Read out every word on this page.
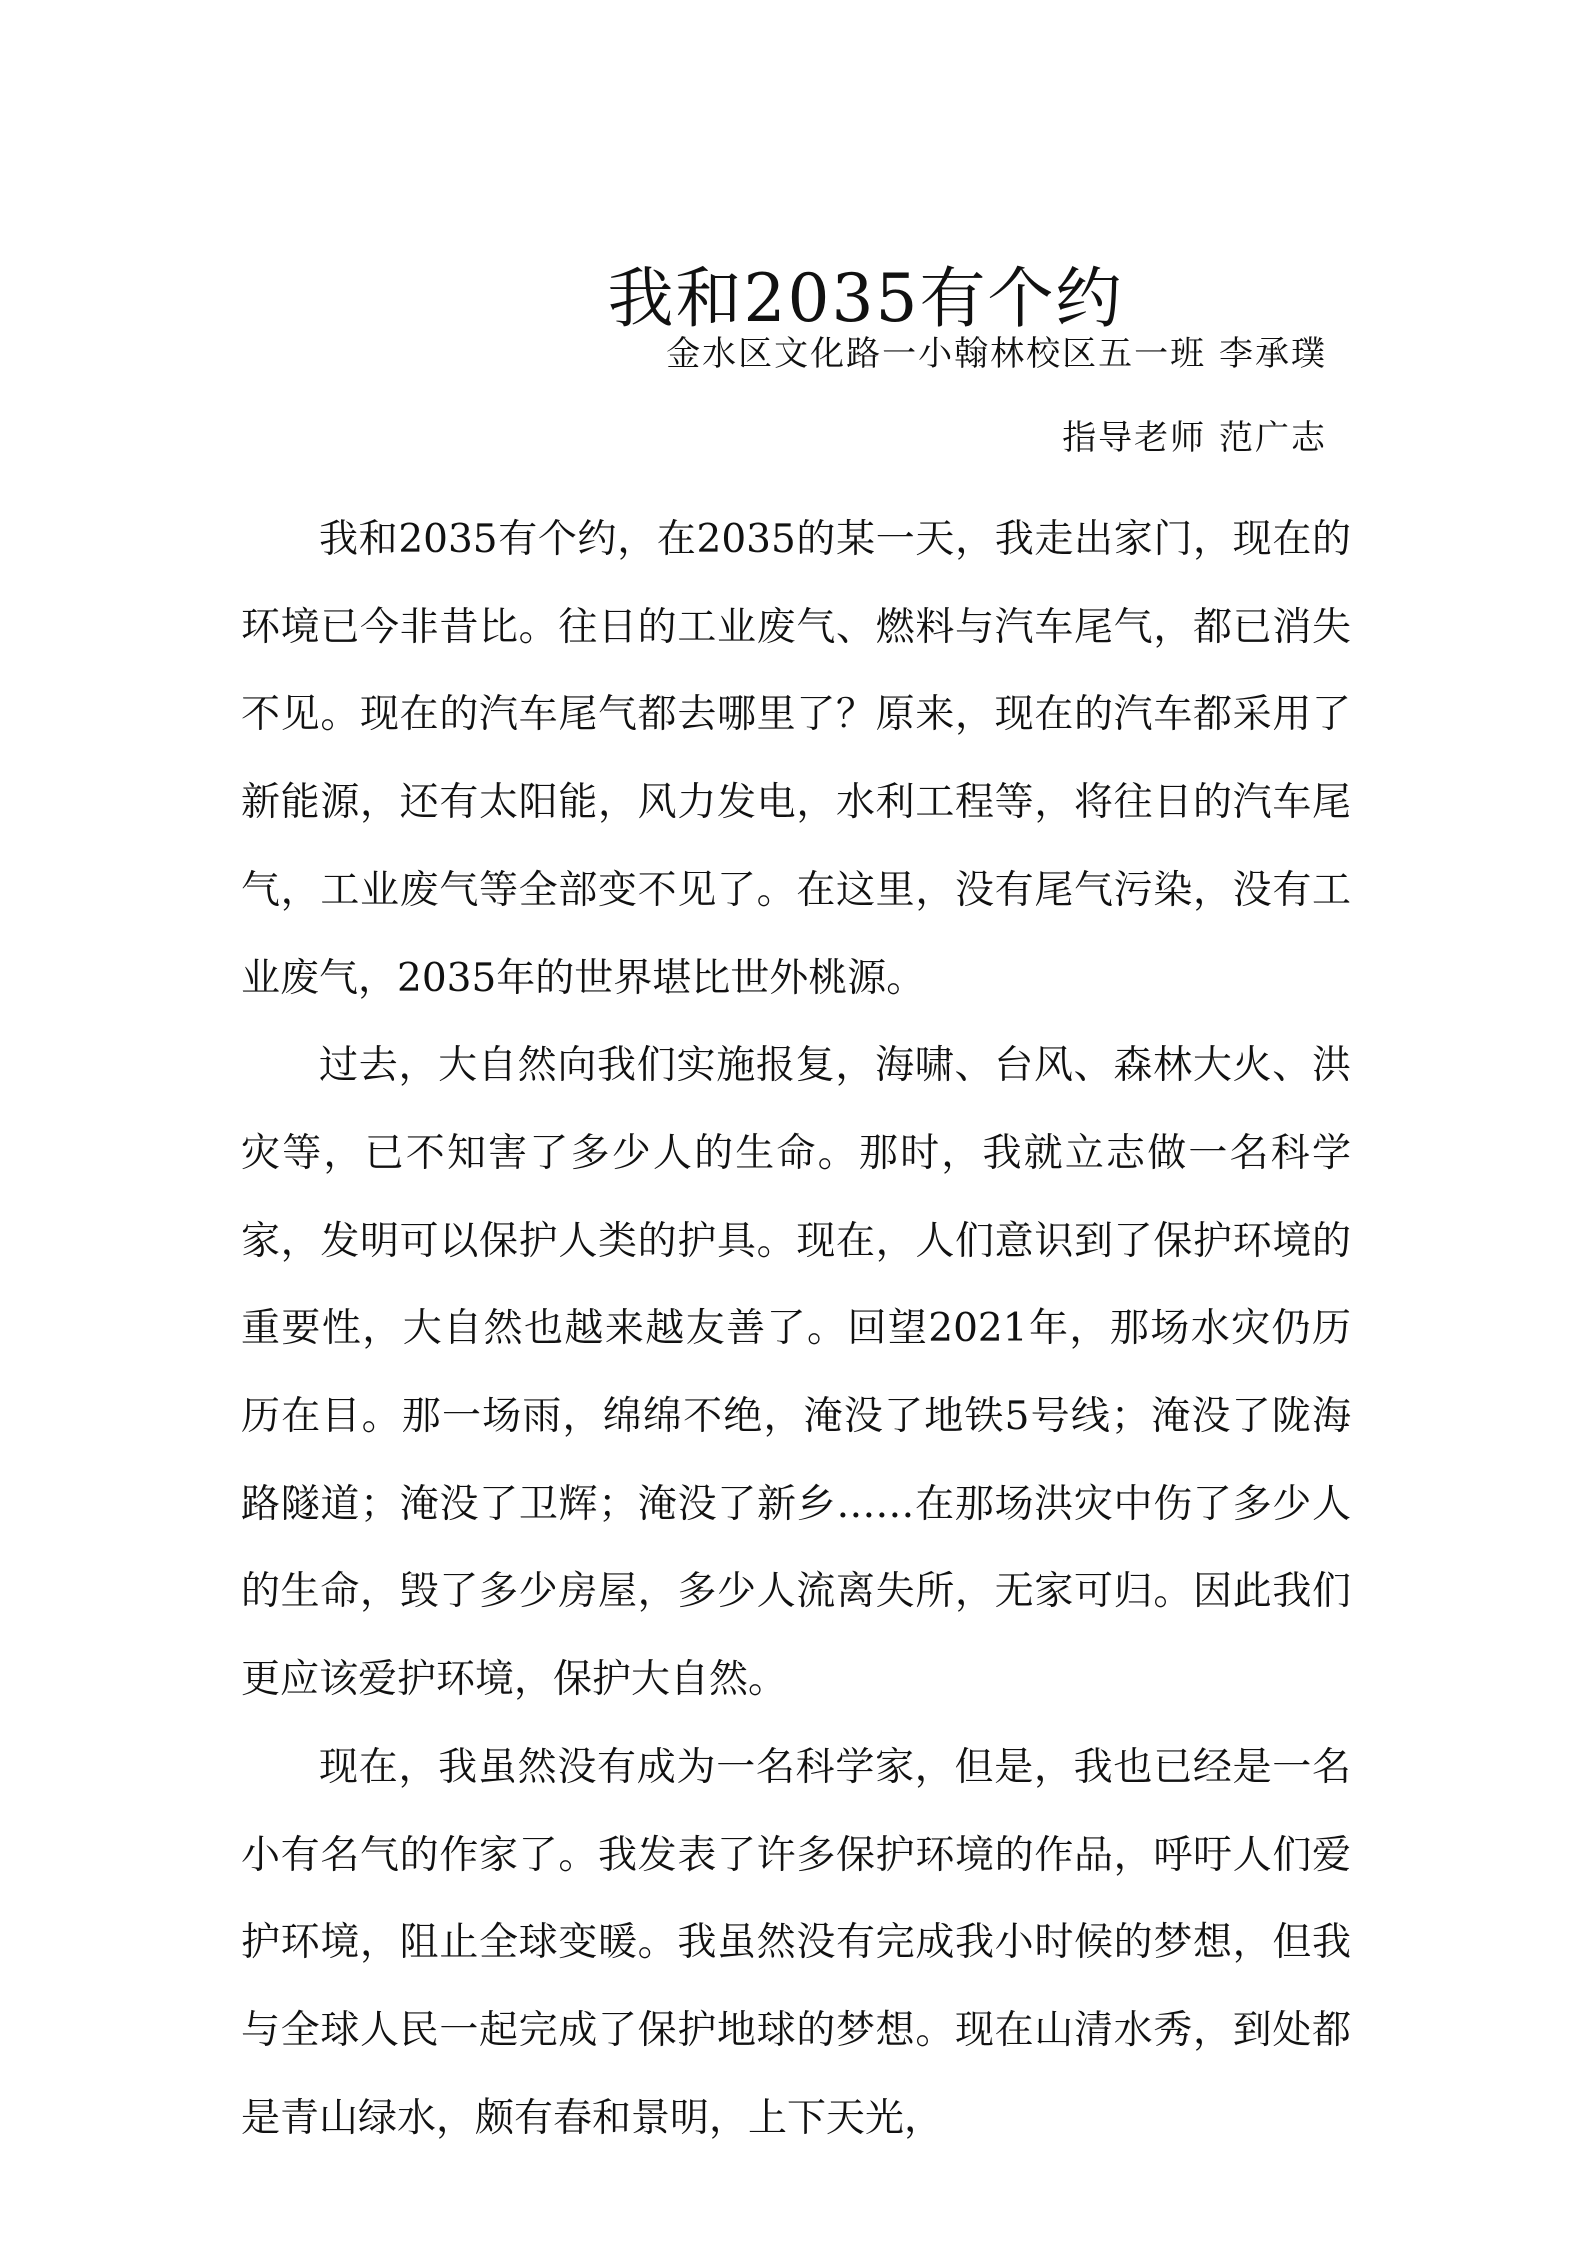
我和2035有个约
金水区文化路一小翰林校区五一班 李承璞
指导老师 范广志

我和2035有个约，在2035的某一天，我走出家门，现在的环境已今非昔比。往日的工业废气、燃料与汽车尾气，都已消失不见。现在的汽车尾气都去哪里了？原来，现在的汽车都采用了新能源，还有太阳能，风力发电，水利工程等，将往日的汽车尾气，工业废气等全部变不见了。在这里，没有尾气污染，没有工业废气，2035年的世界堪比世外桃源。

过去，大自然向我们实施报复，海啸、台风、森林大火、洪灾等，已不知害了多少人的生命。那时，我就立志做一名科学家，发明可以保护人类的护具。现在，人们意识到了保护环境的重要性，大自然也越来越友善了。回望2021年，那场水灾仍历历在目。那一场雨，绵绵不绝，淹没了地铁5号线；淹没了陇海路隧道；淹没了卫辉；淹没了新乡……在那场洪灾中伤了多少人的生命，毁了多少房屋，多少人流离失所，无家可归。因此我们更应该爱护环境，保护大自然。

现在，我虽然没有成为一名科学家，但是，我也已经是一名小有名气的作家了。我发表了许多保护环境的作品，呼吁人们爱护环境，阻止全球变暖。我虽然没有完成我小时候的梦想，但我与全球人民一起完成了保护地球的梦想。现在山清水秀，到处都是青山绿水，颇有春和景明，上下天光，
